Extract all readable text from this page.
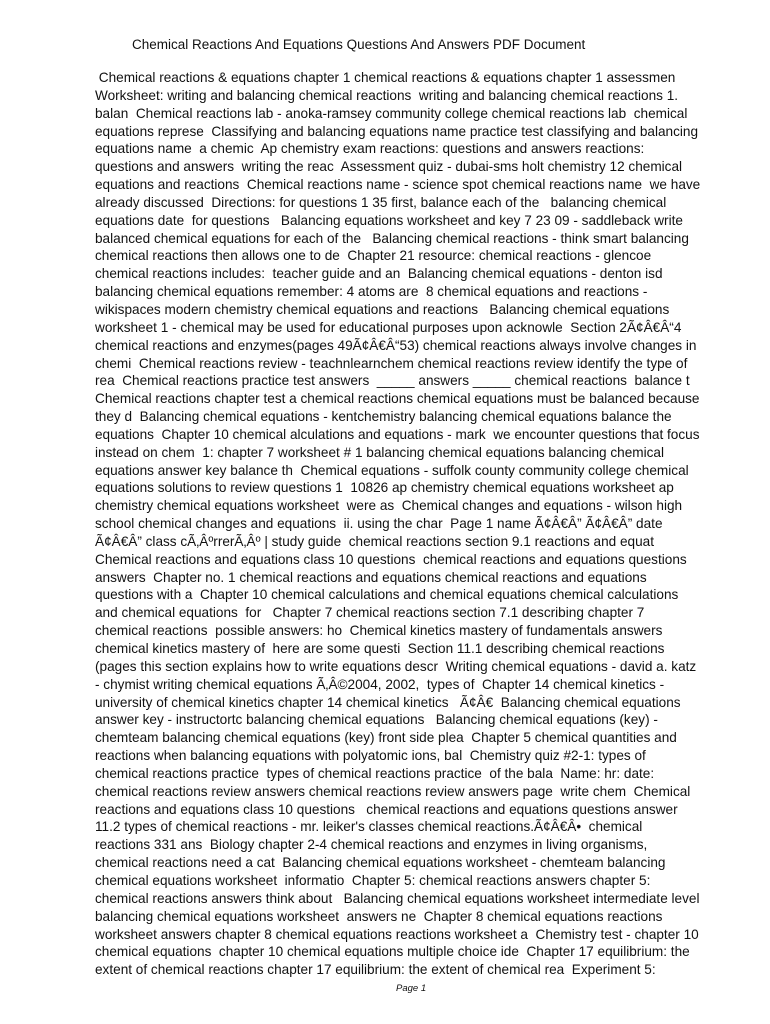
Chemical Reactions And Equations Questions And Answers PDF Document

Chemical reactions & equations chapter 1 chemical reactions & equations chapter 1 assessmen
Worksheet: writing and balancing chemical reactions  writing and balancing chemical reactions 1.
balan  Chemical reactions lab - anoka-ramsey community college chemical reactions lab  chemical
equations represe  Classifying and balancing equations name practice test classifying and balancing
equations name  a chemic  Ap chemistry exam reactions: questions and answers reactions:
questions and answers  writing the reac  Assessment quiz - dubai-sms holt chemistry 12 chemical
equations and reactions  Chemical reactions name - science spot chemical reactions name  we have
already discussed  Directions: for questions 1 35 first, balance each of the   balancing chemical
equations date  for questions   Balancing equations worksheet and key 7 23 09 - saddleback write
balanced chemical equations for each of the   Balancing chemical reactions - think smart balancing
chemical reactions then allows one to de  Chapter 21 resource: chemical reactions - glencoe
chemical reactions includes:  teacher guide and an  Balancing chemical equations - denton isd
balancing chemical equations remember: 4 atoms are  8 chemical equations and reactions -
wikispaces modern chemistry chemical equations and reactions   Balancing chemical equations
worksheet 1 - chemical may be used for educational purposes upon acknowle  Section 2Ã¢Â€Â“4
chemical reactions and enzymes(pages 49Ã¢Â€Â“53) chemical reactions always involve changes in
chemi  Chemical reactions review - teachnlearnchem chemical reactions review identify the type of
rea  Chemical reactions practice test answers  _____ answers _____ chemical reactions  balance t
Chemical reactions chapter test a chemical reactions chemical equations must be balanced because
they d  Balancing chemical equations - kentchemistry balancing chemical equations balance the
equations  Chapter 10 chemical alculations and equations - mark  we encounter questions that focus
instead on chem  1: chapter 7 worksheet # 1 balancing chemical equations balancing chemical
equations answer key balance th  Chemical equations - suffolk county community college chemical
equations solutions to review questions 1  10826 ap chemistry chemical equations worksheet ap
chemistry chemical equations worksheet  were as  Chemical changes and equations - wilson high
school chemical changes and equations  ii. using the char  Page 1 name Ã¢Â€Â” Ã¢Â€Â” date
Ã¢Â€Â” class cÃ‚ÂºrrerÃ‚Âº | study guide  chemical reactions section 9.1 reactions and equat
Chemical reactions and equations class 10 questions  chemical reactions and equations questions
answers  Chapter no. 1 chemical reactions and equations chemical reactions and equations
questions with a  Chapter 10 chemical calculations and chemical equations chemical calculations
and chemical equations  for   Chapter 7 chemical reactions section 7.1 describing chapter 7
chemical reactions  possible answers: ho  Chemical kinetics mastery of fundamentals answers
chemical kinetics mastery of  here are some questi  Section 11.1 describing chemical reactions
(pages this section explains how to write equations descr  Writing chemical equations - david a. katz
- chymist writing chemical equations Ã‚Â©2004, 2002,  types of  Chapter 14 chemical kinetics -
university of chemical kinetics chapter 14 chemical kinetics   Ã¢Â€  Balancing chemical equations
answer key - instructortc balancing chemical equations   Balancing chemical equations (key) -
chemteam balancing chemical equations (key) front side plea  Chapter 5 chemical quantities and
reactions when balancing equations with polyatomic ions, bal  Chemistry quiz #2-1: types of
chemical reactions practice  types of chemical reactions practice  of the bala  Name: hr: date:
chemical reactions review answers chemical reactions review answers page  write chem  Chemical
reactions and equations class 10 questions   chemical reactions and equations questions answer
11.2 types of chemical reactions - mr. leiker's classes chemical reactions.Ã¢Â€Â•  chemical
reactions 331 ans  Biology chapter 2-4 chemical reactions and enzymes in living organisms,
chemical reactions need a cat  Balancing chemical equations worksheet - chemteam balancing
chemical equations worksheet  informatio  Chapter 5: chemical reactions answers chapter 5:
chemical reactions answers think about   Balancing chemical equations worksheet intermediate level
balancing chemical equations worksheet  answers ne  Chapter 8 chemical equations reactions
worksheet answers chapter 8 chemical equations reactions worksheet a  Chemistry test - chapter 10
chemical equations  chapter 10 chemical equations multiple choice ide  Chapter 17 equilibrium: the
extent of chemical reactions chapter 17 equilibrium: the extent of chemical rea  Experiment 5:

Page 1
